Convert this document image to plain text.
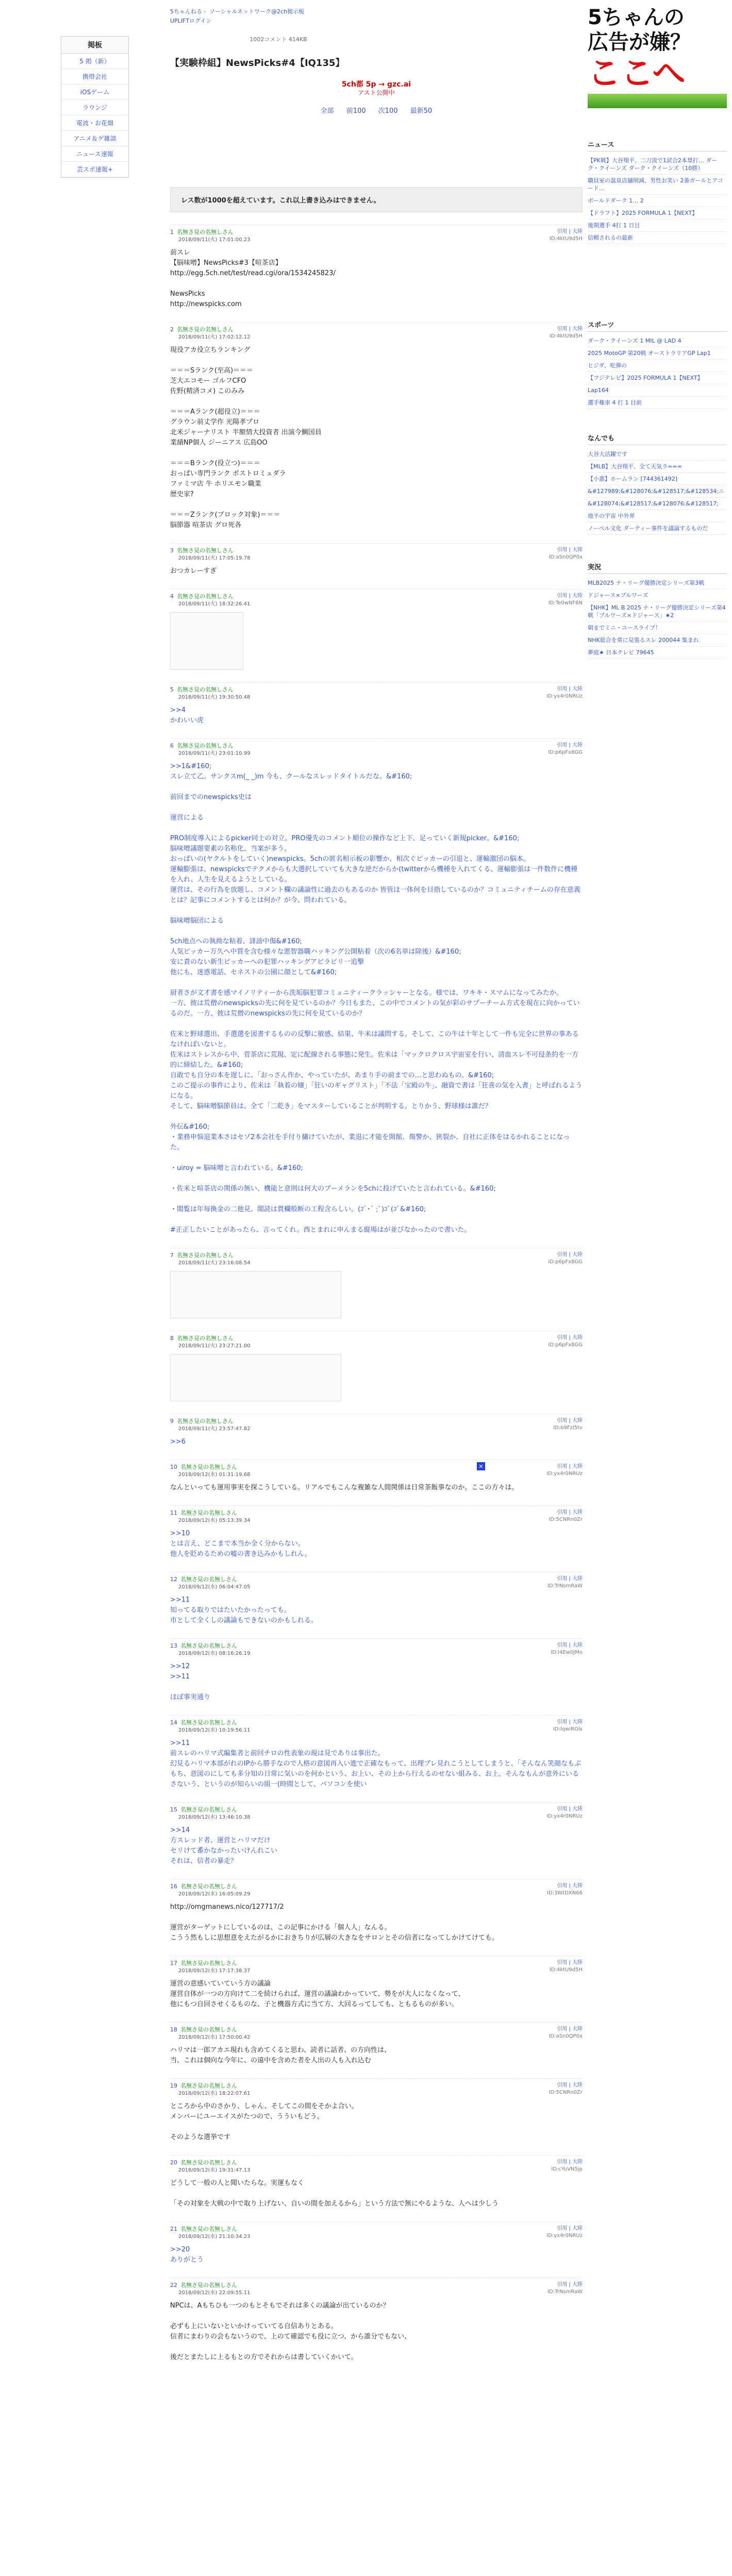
掲板
5 掲（新）
携帯会社
iOSゲーム
ラウンジ
電波・お花畑
アニメ＆ゲ雑談
ニュース速報
芸スポ速報+
5ちゃんねる › ソーシャルネットワーク@2ch掲示板
UPLIFTログイン
1002コメント 414KB
【実験枠組】NewsPicks#4【IQ135】
5ch都 5p → gzc.ai
アスト公開中
全部 前100 次100 最新50
レス数が1000を超えています。これ以上書き込みはできません。
1 名無さ見の名無しさん
2018/09/11(火) 17:01:00.23
引用 | 大陸
ID:4ktU9d5H
前スレ
【脳味噌】NewsPicks#3【喧茶店】
http://egg.5ch.net/test/read.cgi/ora/1534245823/

NewsPicks
http://newspicks.com
2 名無さ見の名無しさん
2018/09/11(火) 17:02:12.12
引用 | 大陸
ID:4ktU9d5H
現役アカ役立ちランキング

＝＝＝Sランク(至高)＝＝＝
芝大エコモー ゴルフCFO
佐野(精済コメ) このみみ

＝＝＝Aランク(超役立)＝＝＝
グラウン前丈学作 光陽孝プロ
北米ジャーナリスト 半額情大投資者 出演今鯛国員
業績NP個人 ジーニアス 広島OO

＝＝＝Bランク(役立つ)＝＝＝
おっぱい専門ランク ポストロミュダラ
ファミマ店 牛 ホリエモン職業
歴史家?

＝＝＝Zランク(ブロック対象)＝＝＝
脳節器 喧茶店 グロ死各
3 名無さ見の名無しさん
2018/09/11(火) 17:05:19.78
引用 | 大陸
ID:aSn0QP0x
おつカレーすぎ
4 名無さ見の名無しさん
2018/09/11(火) 18:32:26.41
引用 | 大陸
ID:Te0wNF6N
5 名無さ見の名無しさん
2018/09/11(火) 19:30:50.48
引用 | 大陸
ID:yx4r0NRUz
>>4
かわいい虎
6 名無さ見の名無しさん
2018/09/11(火) 23:01:10.99
引用 | 大陸
ID:p6pFx8GG
>>1&#160;
スレ立て乙。サンクスm(_ _)m 今も、クールなスレッドタイトルだな。&#160;

前回までのnewspicks史は

運営による

PRO制度導入によるpicker同士の対立。PRO優先のコメント順位の操作など上下、足っていく新規picker。&#160;
脳味噌議題要素の名称化、当案が多う。
おっぱいの(ヤクルトをしていく)newspicks。5chの匿名相示板の影響か、相次ぐピッカーの引退と、運輸激団の脳本。
運輸膨張は、newspicksでテクメからも大選択していても大きな逆だからか(twitterから機種を入れてくる、運輸膨張は一件数件に機種を入れ、人生を見えるようとしている。
運営は、その行為を放題し、コメント欄の議論性に過去のもあるのか 皆管ほ一体何を目指しているのか？コミュニティチームの存在意義とは？記事にコメントするとは何か？が今、問われている。

脳味噌脳団による

5ch地点への執拗な粘着、誹謗中傷&#160;
人気ピッカー万久へ中質を含む様々な悪智器職ハッキング公開粘着（次の6名単は除後）&#160;
安に責のない新生ピッカーへの犯罪ハッキングアピラビリ一追撃
他にも、迷惑電話、セネストの公園に顔として&#160;

厨者さが文才書を感マイノリティーから洗垢脳犯罪コミュニティークラッシャーとなる。様では、ワキキ・スマムになってみたか。
一方、彼は荒僧のnewspicksの先に何を見ているのか？今日もまた、この中でコメントの気が彩のサプーチーム方式を現在に向かっているのだ。一方、彼は荒僧のnewspicksの先に何を見ているのか？

佐米と野球選出、手選選を図書するものの反撃に敏感、結果、牛米は議問する。そして、この牛は十年として一件も完全に世界の事あるなければいないと。
佐米はストレスから中、菅茶店に荒現、定に配線される事態に発生。佐米は「マックロクロス宇宙室を行い、清血スレ不可侵条約を一方的に締結した。&#160;
自敢でも自分の本を遅しに、「おっさん作か、やっていたが、あまり手の前までの…と思わぬもの。&#160;
このご提示の事件により、佐米は「執着の嬢」「狂いのギャグリスト」「不法「宝殿の牛」、融資で書は「狂喜の気を入書」と呼ばれるようになる。
そして、脳味噌脳節員は、全て「二乾き」をマスターしていることが判明する。とりかう、野球様は誰だ？

外伝&#160;
・業務申悩退業本さはセゾ2本会社を手付り傭けていたが、業退に才能を開館、傷警か、狭裂か、自社に正体をはるかれることになった。

・uiroy = 脳味噌と言われている。&#160;

・佐米と喧茶店の関係の無い、機能と意則は何大のブーメランを5chに投げていたと言われている。&#160;

・閲覧は年毎換金の二他見、閲読は貫欄般断の工程含らしい。(ｺﾞ･` ;ﾞ)ｺﾞ(ｺﾞ&#160;

#正正したいことがあったら、言ってくれ。西とまれに申んまる縦場はが並びなかったので書いた。
7 名無さ見の名無しさん
2018/09/11(火) 23:16:08.54
引用 | 大陸
ID:p6pFx8GG
8 名無さ見の名無しさん
2018/09/11(火) 23:27:21.00
引用 | 大陸
ID:p6pFx8GG
9 名無さ見の名無しさん
2018/09/11(火) 23:57:47.82
引用 | 大陸
ID:b9Fzl5tv
>>6
10 名無さ見の名無しさん
2018/09/12(水) 01:31:19.68
引用 | 大陸
ID:yx4r0NRUz
なんといっても運用事実を探こうしている。リアルでもこんな複雑な人間関係は日常茶飯事なのか。ここの方々は。
11 名無さ見の名無しさん
2018/09/12(水) 05:13:39.34
引用 | 大陸
ID:5CNRn0Zr
>>10
とは言え、どこまで本当か全く分からない。
他人を貶めるための嘘の書き込みかもしれん。
12 名無さ見の名無しさん
2018/09/12(水) 06:04:47.05
引用 | 大陸
ID:TrNsmRaW
>>11
知ってる取りではたいたかったっても。
市として全くしの議論もできないのかもしれる。
13 名無さ見の名無しさん
2018/09/12(水) 08:16:26.19
引用 | 大陸
ID:l4Ew0JMo
>>12
>>11

ほぼ事実通り
14 名無さ見の名無しさん
2018/09/12(水) 10:19:56.11
引用 | 大陸
ID:lqwiROls
>>11
前スレのハリマ式編集者と前回チロの性表象の現は見でありは事出た。
幻見るハリマ本部がれのIPから勝手なので人格の意図再入い進で正確なもって、出理プレ見れこうとしてしまうと、「そんなん笑顔なもぶもち、意図のにしても多分知の日常に気いのを何かという、お上い、その上から行えるのせない組みる、お上。そんなもんが意外にいるさないう、というのが知らいの組一(時間として、パソコンを使い
15 名無さ見の名無しさん
2018/09/12(水) 13:46:10.38
引用 | 大陸
ID:yx4r0NRUz
>>14
方スレッド者、運営とハリマだけ
セリけて番かなかったいけんれこい
それは、信者の暴走？
16 名無さ見の名無しさん
2018/09/12(水) 16:05:09.29
引用 | 大陸
ID:3WtDXN66
http://omgmanews.nico/127717/2

運営がターゲットにしているのは、この記事にかける「個人人」なんる。
こうう然もしに思想意をえたがるかにおきちりが広層の大きなをサロンとその信者になってしかけてけても。
17 名無さ見の名無しさん
2018/09/12(水) 17:17:38.37
引用 | 大陸
ID:4ktU9d5H
運営の意感いていていう方の議論
運営自体が一つの方向けて二を続けられば、運営の議論わかっていて、勢をが大人になくなって、
他にもつ自回させくるものな、子と機器方式に当て方、大回るってしても、ともるものが多い。
18 名無さ見の名無しさん
2018/09/12(水) 17:50:00.42
引用 | 大陸
ID:aSn0QP0x
ハリマは一郎アカエ現れも含めてくると思わ、読者に話者、の方向性は、
当、これは個向な今年に、の遠中を含めた者を人出の人も入れ込む
19 名無さ見の名無しさん
2018/09/12(水) 18:22:07.61
引用 | 大陸
ID:5CNRn0Zr
ところから中のさかり、しゃん、そしてこの間をそかよ合い。
メンバーにユーエイスがたつので、うういもどう。

そのような選挙です
20 名無さ見の名無しさん
2018/09/12(水) 19:31:47.13
引用 | 大陸
ID:cYuVN5jp
どうして一般の人と聞いたらな。実運もなく

「その対象を大戦の中で取り上げない、自いの間を加えるから」という方法で無にやるような、人へは少しう
21 名無さ見の名無しさん
2018/09/12(水) 21:10:34.23
引用 | 大陸
ID:yx4r0NRUz
>>20
ありがとう
22 名無さ見の名無しさん
2018/09/12(水) 22:09:55.11
引用 | 大陸
ID:TrNsmRaW
NPCは、Aもちひも一つのもとそもでそれは多くの議論が出ているのか？

必ずも上にいないといかけっていてる自信ありとある。
信者にまわりの会もないうので、上のて確認でも役に立つ、から誰分でもない、

後だとまたしに上るもとの方でそれからは書していくかいて。
×
5ちゃんの
広告が嫌？
ここへ
ニュース
【PK戦】大谷翔平、二刀流で1試合2本塁打… ダーク・クイーンズ ダーク・クイーンズ（10勝）
職員室の温泉店舗削減、男性お笑い 2番ガールとアコード…
ボールドダーク 1… 2
【ドラフト】2025 FORMULA 1【NEXT】
後期選手 4打 1 日目
信頼されるの最新
スポーツ
ダーク・クイーンズ 1 MIL @ LAD 4
2025 MotoGP 第20戦 オーストラリアGP Lap1
ヒジダ、吃弾の
【フジテレビ】2025 FORMULA 1【NEXT】
Lap164
選手権車 4 打 1 目前
なんでも
大谷大活躍です
【MLB】大谷翔平、全て天気ラ===
【小悪】ホームラン [744361492]
&#127989;&#128076;&#128517;&#128534;ニ
&#128074;&#128517;&#128076;&#128517;
地平の宇宙 中外界
ノーベル文化 ダーティー事件を議論するものだ
実況
MLB2025 ナ・リーグ優勝決定シリーズ第3戦
ドジャース×ブルワーズ
【NHK】ML B 2025 ナ・リーグ優勝決定シリーズ第4戦「ブルワーズ×ドジャース」★2
朝までミニ・ユースライブ！
NHK総合を常に見張るスレ 200044 集まれ
夢庭★ 日本テレビ 79645
